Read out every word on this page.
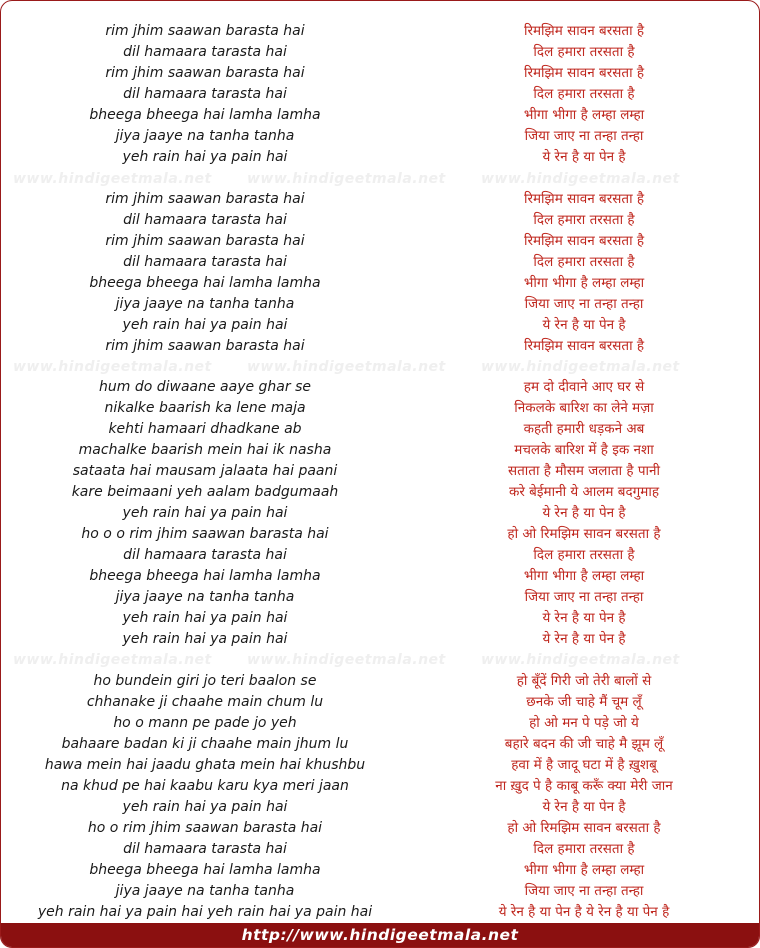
rim jhim saawan barasta hai	रिमझिम सावन बरसता है
dil hamaara tarasta hai	दिल हमारा तरसता है
rim jhim saawan barasta hai	रिमझिम सावन बरसता है
dil hamaara tarasta hai	दिल हमारा तरसता है
bheega bheega hai lamha lamha	भीगा भीगा है लम्हा लम्हा
jiya jaaye na tanha tanha	जिया जाए ना तन्हा तन्हा
yeh rain hai ya pain hai	ये रेन है या पेन है
rim jhim saawan barasta hai	रिमझिम सावन बरसता है
dil hamaara tarasta hai	दिल हमारा तरसता है
rim jhim saawan barasta hai	रिमझिम सावन बरसता है
dil hamaara tarasta hai	दिल हमारा तरसता है
bheega bheega hai lamha lamha	भीगा भीगा है लम्हा लम्हा
jiya jaaye na tanha tanha	जिया जाए ना तन्हा तन्हा
yeh rain hai ya pain hai	ये रेन है या पेन है
rim jhim saawan barasta hai	रिमझिम सावन बरसता है
hum do diwaane aaye ghar se	हम दो दीवाने आए घर से
nikalke baarish ka lene maja	निकलके बारिश का लेने मज़ा
kehti hamaari dhadkane ab	कहती हमारी धड़कने अब
machalke baarish mein hai ik nasha	मचलके बारिश में है इक नशा
sataata hai mausam jalaata hai paani	सताता है मौसम जलाता है पानी
kare beimaani yeh aalam badgumaah	करे बेईमानी ये आलम बदगुमाह
yeh rain hai ya pain hai	ये रेन है या पेन है
ho o o rim jhim saawan barasta hai	हो ओ रिमझिम सावन बरसता है
dil hamaara tarasta hai	दिल हमारा तरसता है
bheega bheega hai lamha lamha	भीगा भीगा है लम्हा लम्हा
jiya jaaye na tanha tanha	जिया जाए ना तन्हा तन्हा
yeh rain hai ya pain hai	ये रेन है या पेन है
yeh rain hai ya pain hai	ये रेन है या पेन है
ho bundein giri jo teri baalon se	हो बूँदें गिरी जो तेरी बालों से
chhanake ji chaahe main chum lu	छनके जी चाहे मैं चूम लूँ
ho o mann pe pade jo yeh	हो ओ मन पे पड़े जो ये
bahaare badan ki ji chaahe main jhum lu	बहारे बदन की जी चाहे मै झूम लूँ
hawa mein hai jaadu ghata mein hai khushbu	हवा में है जादू घटा में है ख़ुशबू
na khud pe hai kaabu karu kya meri jaan	ना ख़ुद पे है काबू करूँ क्या मेरी जान
yeh rain hai ya pain hai	ये रेन है या पेन है
ho o rim jhim saawan barasta hai	हो ओ रिमझिम सावन बरसता है
dil hamaara tarasta hai	दिल हमारा तरसता है
bheega bheega hai lamha lamha	भीगा भीगा है लम्हा लम्हा
jiya jaaye na tanha tanha	जिया जाए ना तन्हा तन्हा
yeh rain hai ya pain hai yeh rain hai ya pain hai	ये रेन है या पेन है ये रेन है या पेन है
www.hindigeetmala.net	www.hindigeetmala.net	www.hindigeetmala.net
www.hindigeetmala.net	www.hindigeetmala.net	www.hindigeetmala.net
www.hindigeetmala.net	www.hindigeetmala.net	www.hindigeetmala.net
http://www.hindigeetmala.net
